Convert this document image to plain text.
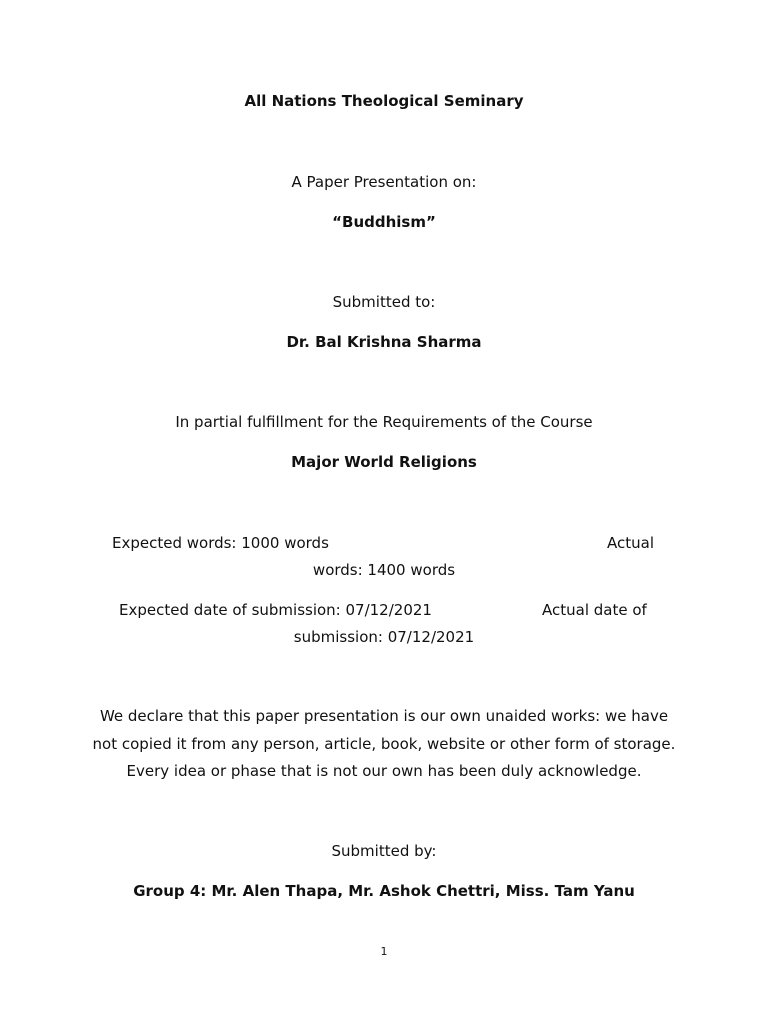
All Nations Theological Seminary
A Paper Presentation on:
“Buddhism”
Submitted to:
Dr. Bal Krishna Sharma
In partial fulfillment for the Requirements of the Course
Major World Religions
Expected words: 1000 words	Actual
words: 1400 words
Expected date of submission: 07/12/2021	Actual date of
submission: 07/12/2021
We declare that this paper presentation is our own unaided works: we have
not copied it from any person, article, book, website or other form of storage.
Every idea or phase that is not our own has been duly acknowledge.
Submitted by:
Group 4: Mr. Alen Thapa, Mr. Ashok Chettri, Miss. Tam Yanu
1
